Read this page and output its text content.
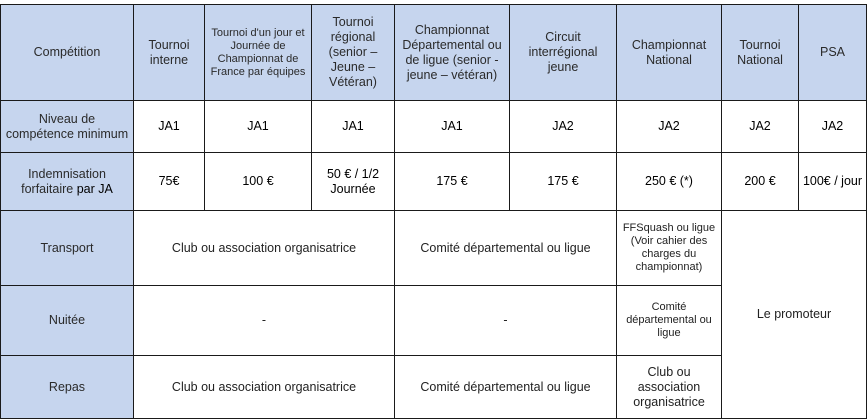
Compétition	Tournoi interne	Tournoi d'un jour et Journée de Championnat de France par équipes	Tournoi régional (senior – Jeune – Vétéran)	Championnat Départemental ou de ligue (senior - jeune – vétéran)	Circuit interrégional jeune	Championnat National	Tournoi National	PSA
Niveau de compétence minimum	JA1	JA1	JA1	JA1	JA2	JA2	JA2	JA2
Indemnisation forfaitaire par JA	75€	100 €	50 € / 1/2 Journée	175 €	175 €	250 € (*)	200 €	100€ / jour
Transport	Club ou association organisatrice			Comité départemental ou ligue		FFSquash ou ligue (Voir cahier des charges du championnat)	Le promoteur	
Nuitée	-			-		Comité départemental ou ligue		
Repas	Club ou association organisatrice			Comité départemental ou ligue		Club ou association organisatrice		
